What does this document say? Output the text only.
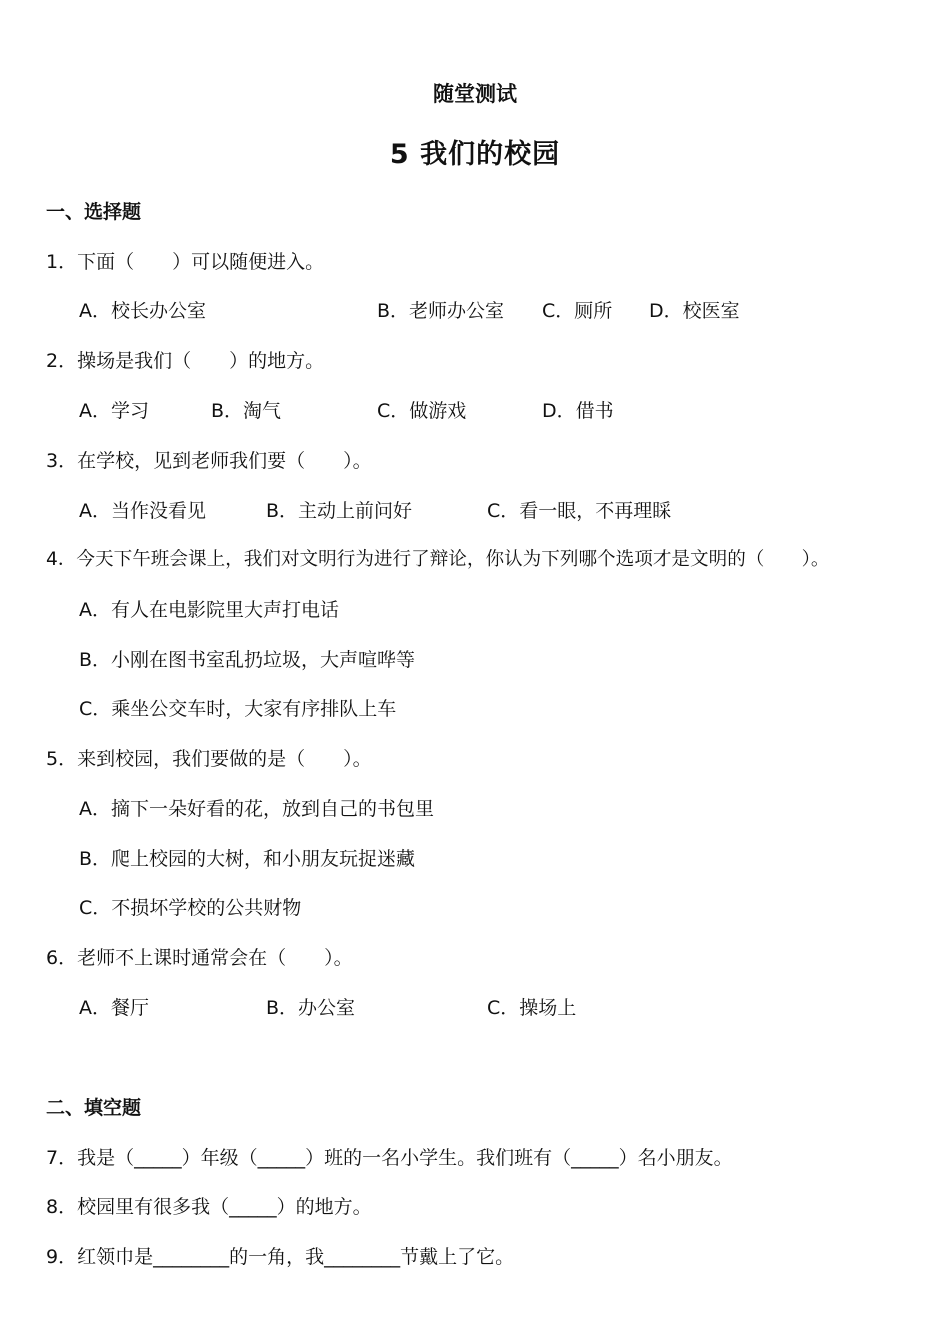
随堂测试
5 我们的校园
一、选择题
1．下面（　　）可以随便进入。
A．校长办公室	B．老师办公室 C．厕所 D．校医室
2．操场是我们（　　）的地方。
A．学习	B．淘气	C．做游戏	D．借书
3．在学校，见到老师我们要（　　）。
A．当作没看见	B．主动上前问好	C．看一眼，不再理睬
4．今天下午班会课上，我们对文明行为进行了辩论，你认为下列哪个选项才是文明的（　　）。
A．有人在电影院里大声打电话
B．小刚在图书室乱扔垃圾，大声喧哗等
C．乘坐公交车时，大家有序排队上车
5．来到校园，我们要做的是（　　）。
A．摘下一朵好看的花，放到自己的书包里
B．爬上校园的大树，和小朋友玩捉迷藏
C．不损坏学校的公共财物
6．老师不上课时通常会在（　　）。
A．餐厅	B．办公室	C．操场上
二、填空题
7．我是（_____）年级（_____）班的一名小学生。我们班有（_____）名小朋友。
8．校园里有很多我（_____）的地方。
9．红领巾是________的一角，我________节戴上了它。
